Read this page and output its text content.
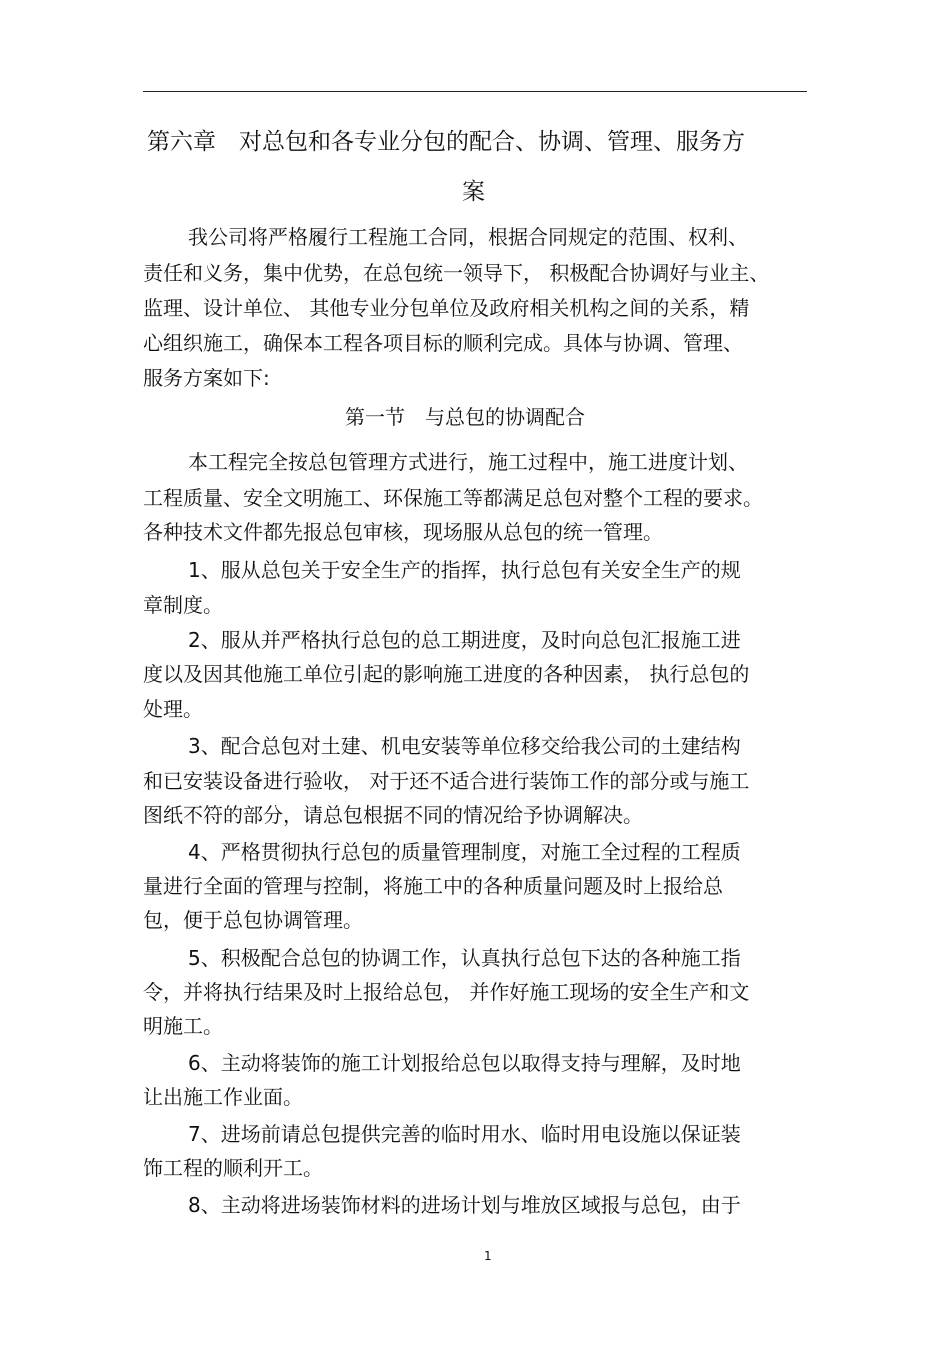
第六章　对总包和各专业分包的配合、协调、管理、服务方
案
我公司将严格履行工程施工合同，根据合同规定的范围、权利、
责任和义务，集中优势，在总包统一领导下， 积极配合协调好与业主、
监理、设计单位、 其他专业分包单位及政府相关机构之间的关系，精
心组织施工，确保本工程各项目标的顺利完成。具体与协调、管理、
服务方案如下:
第一节　与总包的协调配合
本工程完全按总包管理方式进行，施工过程中，施工进度计划、
工程质量、安全文明施工、环保施工等都满足总包对整个工程的要求。
各种技术文件都先报总包审核，现场服从总包的统一管理。
1、服从总包关于安全生产的指挥，执行总包有关安全生产的规
章制度。
2、服从并严格执行总包的总工期进度，及时向总包汇报施工进
度以及因其他施工单位引起的影响施工进度的各种因素， 执行总包的
处理。
3、配合总包对土建、机电安装等单位移交给我公司的土建结构
和已安装设备进行验收， 对于还不适合进行装饰工作的部分或与施工
图纸不符的部分，请总包根据不同的情况给予协调解决。
4、严格贯彻执行总包的质量管理制度，对施工全过程的工程质
量进行全面的管理与控制，将施工中的各种质量问题及时上报给总
包，便于总包协调管理。
5、积极配合总包的协调工作，认真执行总包下达的各种施工指
令，并将执行结果及时上报给总包， 并作好施工现场的安全生产和文
明施工。
6、主动将装饰的施工计划报给总包以取得支持与理解，及时地
让出施工作业面。
7、进场前请总包提供完善的临时用水、临时用电设施以保证装
饰工程的顺利开工。
8、主动将进场装饰材料的进场计划与堆放区域报与总包，由于
1
